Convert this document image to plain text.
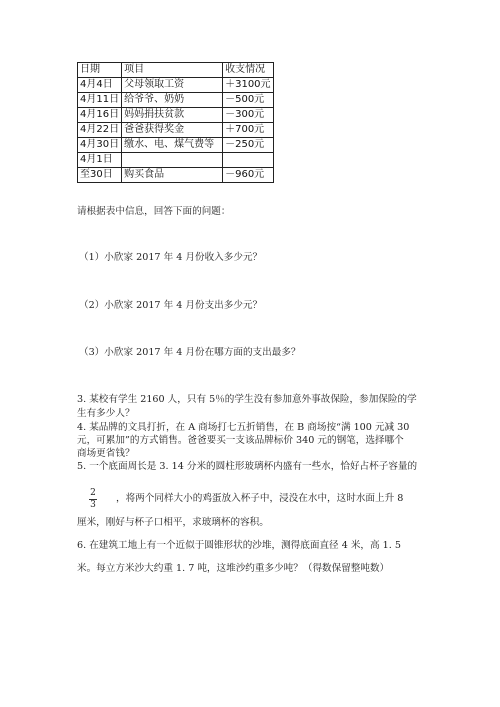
日期	项目	收支情况
4月4日	父母领取工资	＋3100元
4月11日	给爷爷、奶奶	－500元
4月16日	妈妈捐扶贫款	－300元
4月22日	爸爸获得奖金	＋700元
4月30日	缴水、电、煤气费等	－250元
4月1日		
至30日	购买食品	－960元
请根据表中信息，回答下面的问题：
（1）小欣家 2017 年 4 月份收入多少元？
（2）小欣家 2017 年 4 月份支出多少元？
（3）小欣家 2017 年 4 月份在哪方面的支出最多？
3. 某校有学生 2160 人，只有 5％的学生没有参加意外事故保险，参加保险的学
生有多少人？
4. 某品牌的文具打折，在 A 商场打七五折销售，在 B 商场按“满 100 元减 30
元，可累加”的方式销售。爸爸要买一支该品牌标价 340 元的钢笔，选择哪个
商场更省钱？
5. 一个底面周长是 3. 14 分米的圆柱形玻璃杯内盛有一些水，恰好占杯子容量的
2
3
，将两个同样大小的鸡蛋放入杯子中，浸没在水中，这时水面上升 8
厘米，刚好与杯子口相平，求玻璃杯的容积。
6. 在建筑工地上有一个近似于圆锥形状的沙堆，测得底面直径 4 米，高 1. 5
米。每立方米沙大约重 1. 7 吨，这堆沙约重多少吨？（得数保留整吨数）
